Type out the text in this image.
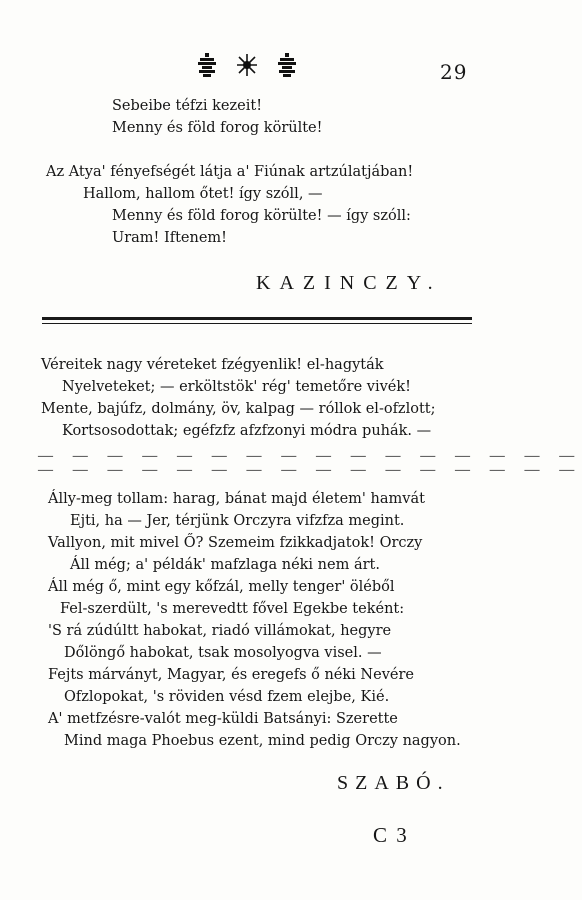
29
Sebeibe téfzi kezeit!
Menny és föld forog körülte!
Az Atya' fényefségét látja a' Fiúnak artzúlatjában!
Hallom, hallom őtet! így szóll, —
Menny és föld forog körülte! — így szóll:
Uram! Iftenem!
KAZINCZY.
Véreitek nagy véreteket fzégyenlik! el-hagyták
Nyelveteket; — erköltstök' rég' temetőre vivék!
Mente, bajúfz, dolmány, öv, kalpag — róllok el-ofzlott;
Kortsosodottak; egéfzfz afzfzonyi módra puhák. —
— — — — — — — — — — — — — — — —
— — — — — — — — — — — — — — — —
Álly-meg tollam: harag, bánat majd életem' hamvát
Ejti, ha — Jer, térjünk Orczyra vifzfza megint.
Vallyon, mit mivel Ő? Szemeim fzikkadjatok! Orczy
Áll még; a' példák' mafzlaga néki nem árt.
Áll még ő, mint egy kőfzál, melly tenger' öléből
Fel-szerdült, 's merevedtt fővel Egekbe teként:
'S rá zúdúltt habokat, riadó villámokat, hegyre
Dőlöngő habokat, tsak mosolyogva visel. —
Fejts márványt, Magyar, és eregefs ő néki Nevére
Ofzlopokat, 's röviden vésd fzem elejbe, Kié.
A' metfzésre-valót meg-küldi Batsányi: Szerette
Mind maga Phoebus ezent, mind pedig Orczy nagyon.
SZABÓ.
C 3
